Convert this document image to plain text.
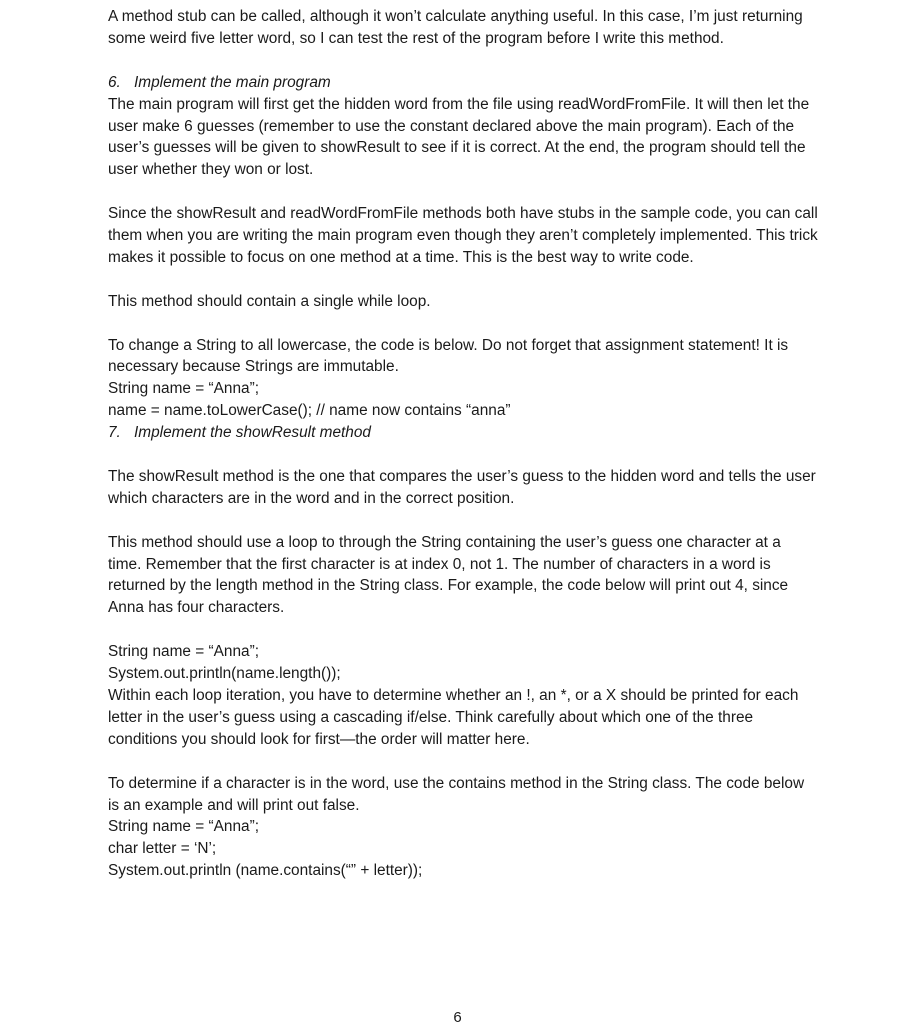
A method stub can be called, although it won’t calculate anything useful. In this case, I’m just returning some weird five letter word, so I can test the rest of the program before I write this method.

6. Implement the main program

The main program will first get the hidden word from the file using readWordFromFile. It will then let the user make 6 guesses (remember to use the constant declared above the main program). Each of the user’s guesses will be given to showResult to see if it is correct. At the end, the program should tell the user whether they won or lost.

Since the showResult and readWordFromFile methods both have stubs in the sample code, you can call them when you are writing the main program even though they aren’t completely implemented. This trick makes it possible to focus on one method at a time. This is the best way to write code.

This method should contain a single while loop.

To change a String to all lowercase, the code is below. Do not forget that assignment statement! It is necessary because Strings are immutable.

String name = “Anna”;

name = name.toLowerCase(); // name now contains “anna”

7. Implement the showResult method

The showResult method is the one that compares the user’s guess to the hidden word and tells the user which characters are in the word and in the correct position.

This method should use a loop to through the String containing the user’s guess one character at a time. Remember that the first character is at index 0, not 1. The number of characters in a word is returned by the length method in the String class. For example, the code below will print out 4, since Anna has four characters.

String name = “Anna”;

System.out.println(name.length());

Within each loop iteration, you have to determine whether an !, an *, or a X should be printed for each letter in the user’s guess using a cascading if/else. Think carefully about which one of the three conditions you should look for first—the order will matter here.

To determine if a character is in the word, use the contains method in the String class. The code below is an example and will print out false.

String name = “Anna”;

char letter = ‘N’;

System.out.println (name.contains(“” + letter));

6
